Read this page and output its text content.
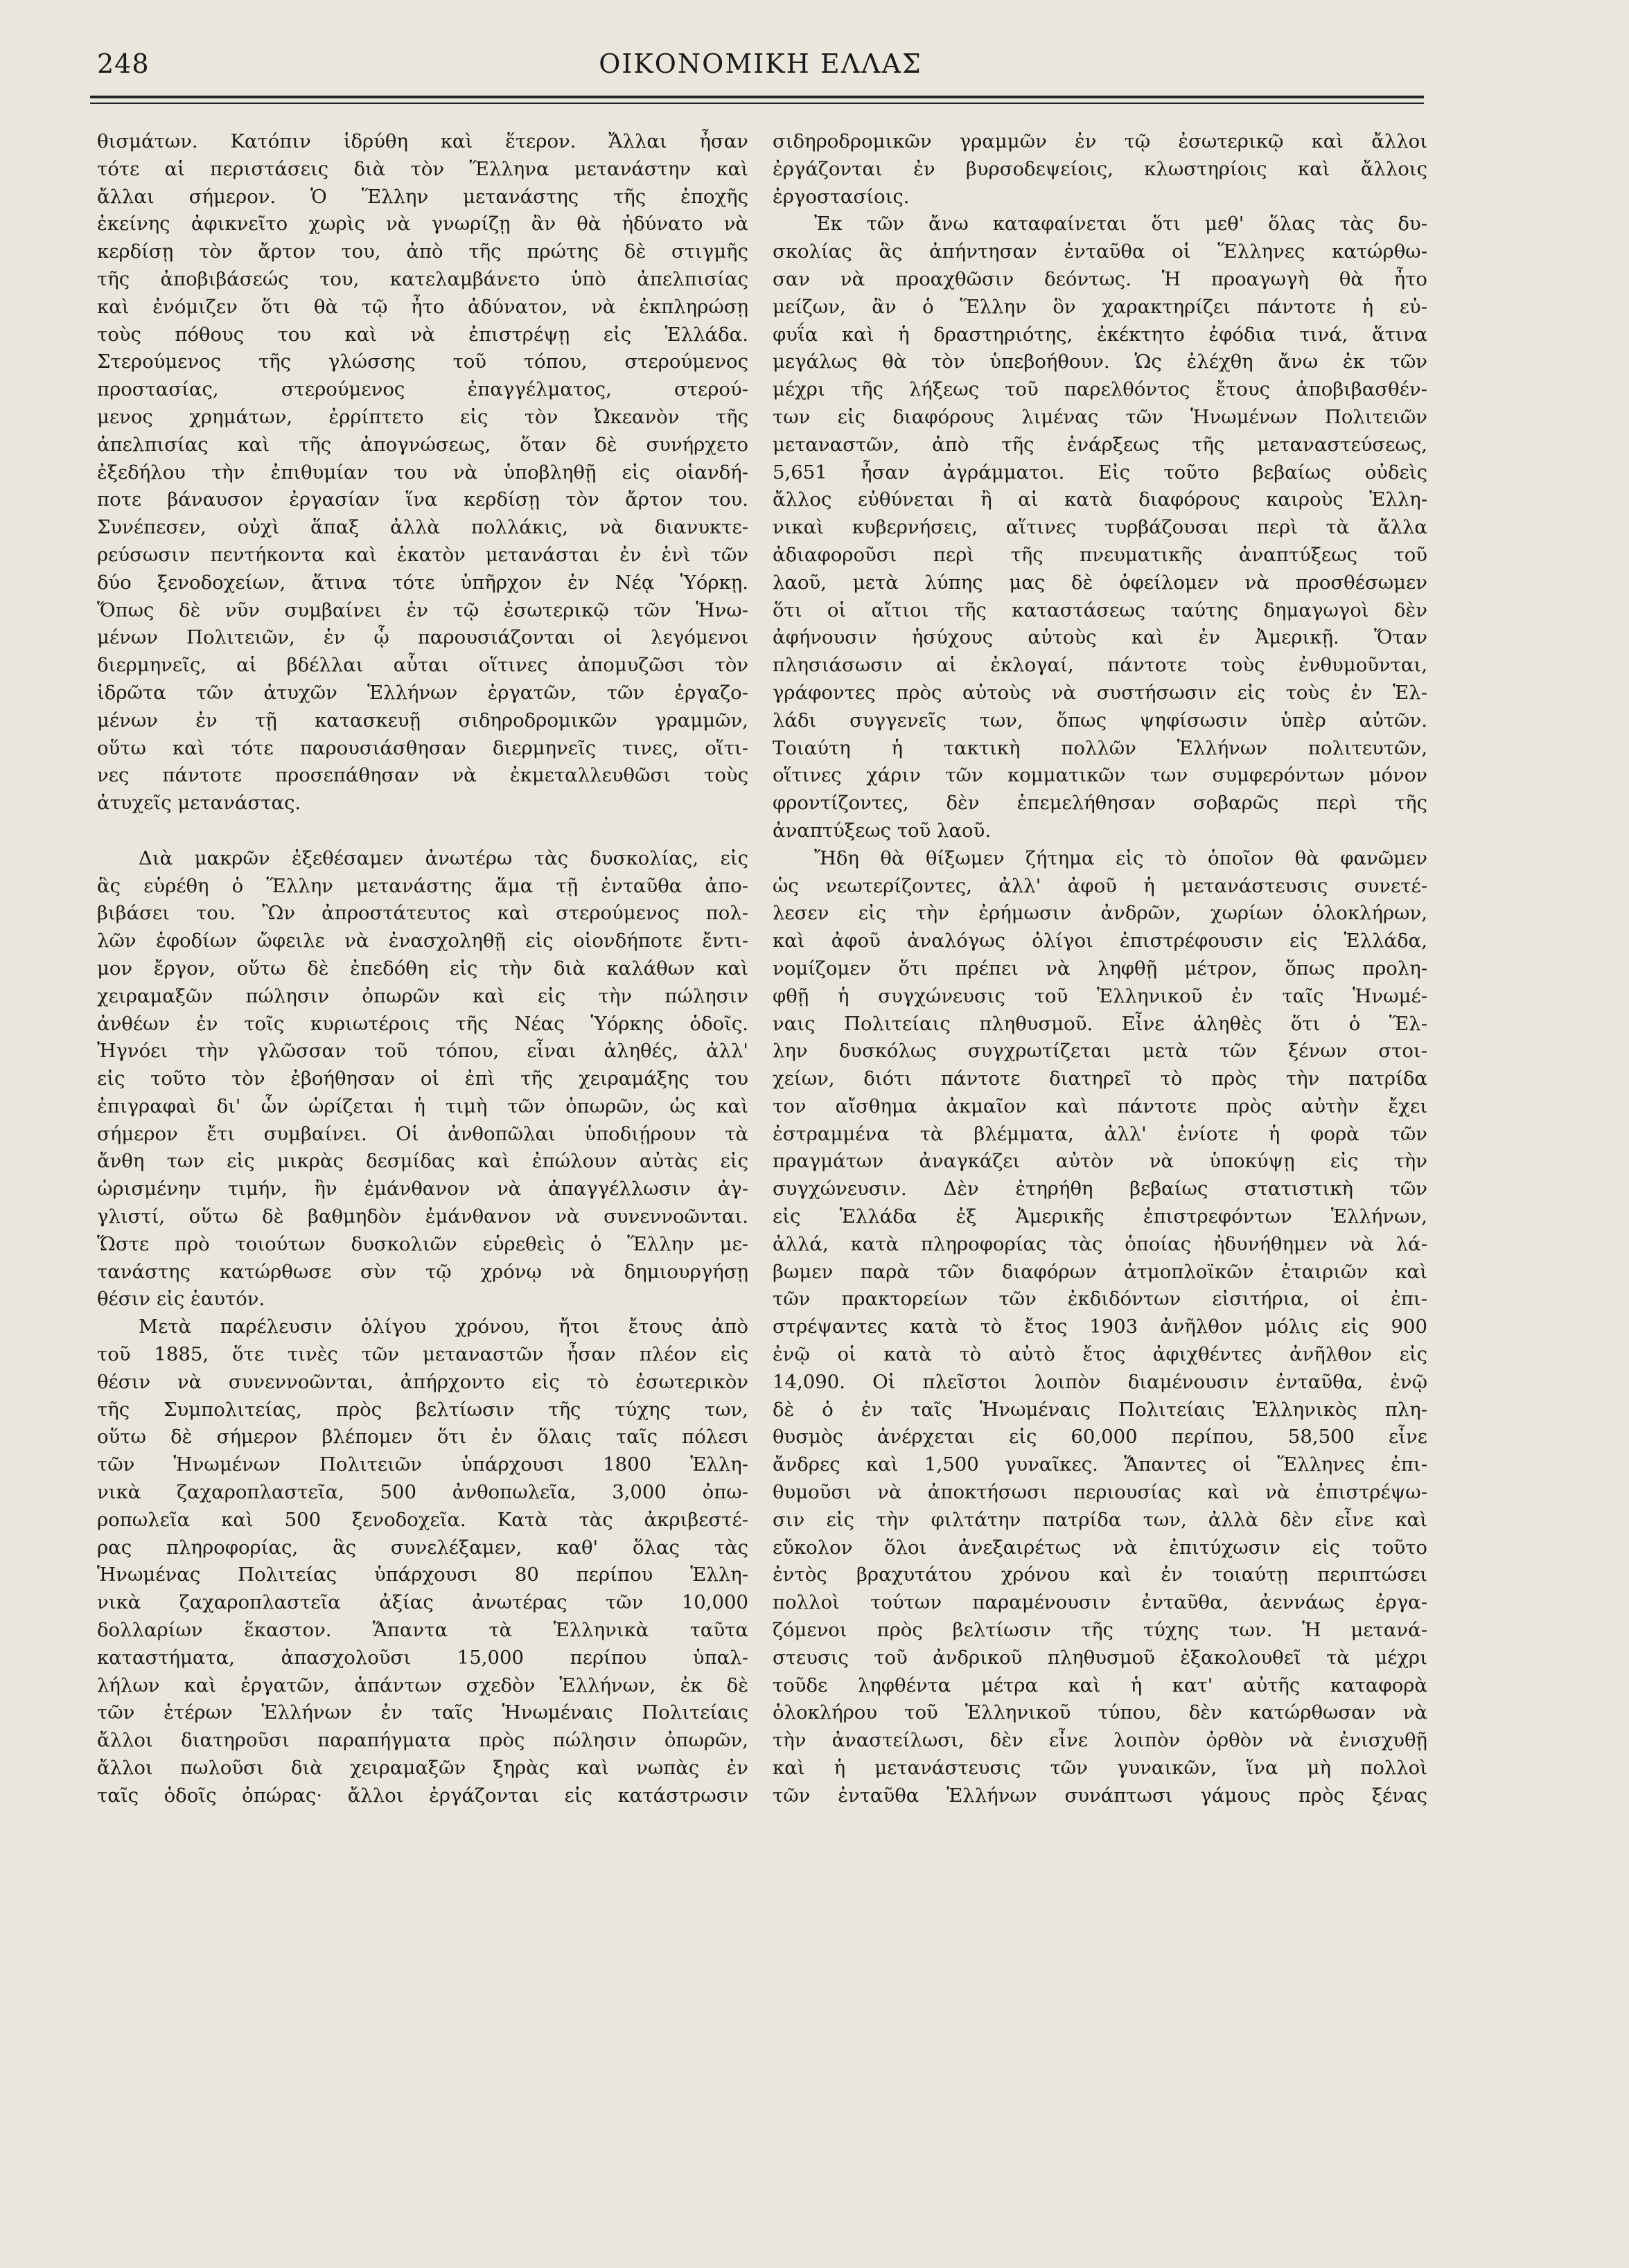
248	ΟΙΚΟΝΟΜΙΚΗ ΕΛΛΑΣ
θισμάτων. Κατόπιν ἱδρύθη καὶ ἕτερον. Ἄλλαι ἦσαν
τότε αἱ περιστάσεις διὰ τὸν Ἕλληνα μετανάστην καὶ
ἄλλαι σήμερον. Ὁ Ἕλλην μετανάστης τῆς ἐποχῆς
ἐκείνης ἀφικνεῖτο χωρὶς νὰ γνωρίζῃ ἂν θὰ ἠδύνατο νὰ
κερδίσῃ τὸν ἄρτον του, ἀπὸ τῆς πρώτης δὲ στιγμῆς
τῆς ἀποβιβάσεώς του, κατελαμβάνετο ὑπὸ ἀπελπισίας
καὶ ἐνόμιζεν ὅτι θὰ τῷ ἦτο ἀδύνατον, νὰ ἐκπληρώσῃ
τοὺς πόθους του καὶ νὰ ἐπιστρέψῃ εἰς Ἑλλάδα.
Στερούμενος τῆς γλώσσης τοῦ τόπου, στερούμενος
προστασίας, στερούμενος ἐπαγγέλματος, στερού-
μενος χρημάτων, ἐρρίπτετο εἰς τὸν Ὠκεανὸν τῆς
ἀπελπισίας καὶ τῆς ἀπογνώσεως, ὅταν δὲ συνήρχετο
ἐξεδήλου τὴν ἐπιθυμίαν του νὰ ὑποβληθῇ εἰς οἱανδή-
ποτε βάναυσον ἐργασίαν ἵνα κερδίσῃ τὸν ἄρτον του.
Συνέπεσεν, οὐχὶ ἅπαξ ἀλλὰ πολλάκις, νὰ διανυκτε-
ρεύσωσιν πεντήκοντα καὶ ἑκατὸν μετανάσται ἐν ἑνὶ τῶν
δύο ξενοδοχείων, ἅτινα τότε ὑπῆρχον ἐν Νέᾳ Ὑόρκῃ.
Ὅπως δὲ νῦν συμβαίνει ἐν τῷ ἐσωτερικῷ τῶν Ἡνω-
μένων Πολιτειῶν, ἐν ᾧ παρουσιάζονται οἱ λεγόμενοι
διερμηνεῖς, αἱ βδέλλαι αὗται οἵτινες ἀπομυζῶσι τὸν
ἱδρῶτα τῶν ἀτυχῶν Ἑλλήνων ἐργατῶν, τῶν ἐργαζο-
μένων ἐν τῇ κατασκευῇ σιδηροδρομικῶν γραμμῶν,
οὕτω καὶ τότε παρουσιάσθησαν διερμηνεῖς τινες, οἵτι-
νες πάντοτε προσεπάθησαν νὰ ἐκμεταλλευθῶσι τοὺς
ἀτυχεῖς μετανάστας.
Διὰ μακρῶν ἐξεθέσαμεν ἀνωτέρω τὰς δυσκολίας, εἰς
ἃς εὑρέθη ὁ Ἕλλην μετανάστης ἅμα τῇ ἐνταῦθα ἀπο-
βιβάσει του. Ὢν ἀπροστάτευτος καὶ στερούμενος πολ-
λῶν ἐφοδίων ὤφειλε νὰ ἐνασχοληθῇ εἰς οἱονδήποτε ἔντι-
μον ἔργον, οὕτω δὲ ἐπεδόθη εἰς τὴν διὰ καλάθων καὶ
χειραμαξῶν πώλησιν ὀπωρῶν καὶ εἰς τὴν πώλησιν
ἀνθέων ἐν τοῖς κυριωτέροις τῆς Νέας Ὑόρκης ὁδοῖς.
Ἠγνόει τὴν γλῶσσαν τοῦ τόπου, εἶναι ἀληθές, ἀλλ'
εἰς τοῦτο τὸν ἐβοήθησαν οἱ ἐπὶ τῆς χειραμάξης του
ἐπιγραφαὶ δι' ὧν ὡρίζεται ἡ τιμὴ τῶν ὀπωρῶν, ὡς καὶ
σήμερον ἔτι συμβαίνει. Οἱ ἀνθοπῶλαι ὑποδιῄρουν τὰ
ἄνθη των εἰς μικρὰς δεσμίδας καὶ ἐπώλουν αὐτὰς εἰς
ὡρισμένην τιμήν, ἣν ἐμάνθανον νὰ ἀπαγγέλλωσιν ἀγ-
γλιστί, οὕτω δὲ βαθμηδὸν ἐμάνθανον νὰ συνεννοῶνται.
Ὥστε πρὸ τοιούτων δυσκολιῶν εὑρεθεὶς ὁ Ἕλλην με-
τανάστης κατώρθωσε σὺν τῷ χρόνῳ νὰ δημιουργήσῃ
θέσιν εἰς ἑαυτόν.
Μετὰ παρέλευσιν ὀλίγου χρόνου, ἤτοι ἔτους ἀπὸ
τοῦ 1885, ὅτε τινὲς τῶν μεταναστῶν ἦσαν πλέον εἰς
θέσιν νὰ συνεννοῶνται, ἀπήρχοντο εἰς τὸ ἐσωτερικὸν
τῆς Συμπολιτείας, πρὸς βελτίωσιν τῆς τύχης των,
οὕτω δὲ σήμερον βλέπομεν ὅτι ἐν ὅλαις ταῖς πόλεσι
τῶν Ἡνωμένων Πολιτειῶν ὑπάρχουσι 1800 Ἑλλη-
νικὰ ζαχαροπλαστεῖα, 500 ἀνθοπωλεῖα, 3,000 ὀπω-
ροπωλεῖα καὶ 500 ξενοδοχεῖα. Κατὰ τὰς ἀκριβεστέ-
ρας πληροφορίας, ἃς συνελέξαμεν, καθ' ὅλας τὰς
Ἡνωμένας Πολιτείας ὑπάρχουσι 80 περίπου Ἑλλη-
νικὰ ζαχαροπλαστεῖα ἀξίας ἀνωτέρας τῶν 10,000
δολλαρίων ἕκαστον. Ἅπαντα τὰ Ἑλληνικὰ ταῦτα
καταστήματα, ἀπασχολοῦσι 15,000 περίπου ὑπαλ-
λήλων καὶ ἐργατῶν, ἁπάντων σχεδὸν Ἑλλήνων, ἐκ δὲ
τῶν ἑτέρων Ἑλλήνων ἐν ταῖς Ἡνωμέναις Πολιτείαις
ἄλλοι διατηροῦσι παραπήγματα πρὸς πώλησιν ὀπωρῶν,
ἄλλοι πωλοῦσι διὰ χειραμαξῶν ξηρὰς καὶ νωπὰς ἐν
ταῖς ὁδοῖς ὀπώρας· ἄλλοι ἐργάζονται εἰς κατάστρωσιν
σιδηροδρομικῶν γραμμῶν ἐν τῷ ἐσωτερικῷ καὶ ἄλλοι
ἐργάζονται ἐν βυρσοδεψείοις, κλωστηρίοις καὶ ἄλλοις
ἐργοστασίοις.
Ἐκ τῶν ἄνω καταφαίνεται ὅτι μεθ' ὅλας τὰς δυ-
σκολίας ἃς ἀπήντησαν ἐνταῦθα οἱ Ἕλληνες κατώρθω-
σαν νὰ προαχθῶσιν δεόντως. Ἡ προαγωγὴ θὰ ἦτο
μείζων, ἂν ὁ Ἕλλην ὃν χαρακτηρίζει πάντοτε ἡ εὐ-
φυΐα καὶ ἡ δραστηριότης, ἐκέκτητο ἐφόδια τινά, ἅτινα
μεγάλως θὰ τὸν ὑπεβοήθουν. Ὡς ἐλέχθη ἄνω ἐκ τῶν
μέχρι τῆς λήξεως τοῦ παρελθόντος ἔτους ἀποβιβασθέν-
των εἰς διαφόρους λιμένας τῶν Ἡνωμένων Πολιτειῶν
μεταναστῶν, ἀπὸ τῆς ἐνάρξεως τῆς μεταναστεύσεως,
5,651 ἦσαν ἀγράμματοι. Εἰς τοῦτο βεβαίως οὐδεὶς
ἄλλος εὐθύνεται ἢ αἱ κατὰ διαφόρους καιροὺς Ἑλλη-
νικαὶ κυβερνήσεις, αἵτινες τυρβάζουσαι περὶ τὰ ἄλλα
ἀδιαφοροῦσι περὶ τῆς πνευματικῆς ἀναπτύξεως τοῦ
λαοῦ, μετὰ λύπης μας δὲ ὀφείλομεν νὰ προσθέσωμεν
ὅτι οἱ αἴτιοι τῆς καταστάσεως ταύτης δημαγωγοὶ δὲν
ἀφήνουσιν ἡσύχους αὐτοὺς καὶ ἐν Ἀμερικῇ. Ὅταν
πλησιάσωσιν αἱ ἐκλογαί, πάντοτε τοὺς ἐνθυμοῦνται,
γράφοντες πρὸς αὐτοὺς νὰ συστήσωσιν εἰς τοὺς ἐν Ἑλ-
λάδι συγγενεῖς των, ὅπως ψηφίσωσιν ὑπὲρ αὐτῶν.
Τοιαύτη ἡ τακτικὴ πολλῶν Ἑλλήνων πολιτευτῶν,
οἵτινες χάριν τῶν κομματικῶν των συμφερόντων μόνον
φροντίζοντες, δὲν ἐπεμελήθησαν σοβαρῶς περὶ τῆς
ἀναπτύξεως τοῦ λαοῦ.
Ἤδη θὰ θίξωμεν ζήτημα εἰς τὸ ὁποῖον θὰ φανῶμεν
ὡς νεωτερίζοντες, ἀλλ' ἀφοῦ ἡ μετανάστευσις συνετέ-
λεσεν εἰς τὴν ἐρήμωσιν ἀνδρῶν, χωρίων ὁλοκλήρων,
καὶ ἀφοῦ ἀναλόγως ὀλίγοι ἐπιστρέφουσιν εἰς Ἑλλάδα,
νομίζομεν ὅτι πρέπει νὰ ληφθῇ μέτρον, ὅπως προλη-
φθῇ ἡ συγχώνευσις τοῦ Ἑλληνικοῦ ἐν ταῖς Ἡνωμέ-
ναις Πολιτείαις πληθυσμοῦ. Εἶνε ἀληθὲς ὅτι ὁ Ἕλ-
λην δυσκόλως συγχρωτίζεται μετὰ τῶν ξένων στοι-
χείων, διότι πάντοτε διατηρεῖ τὸ πρὸς τὴν πατρίδα
τον αἴσθημα ἀκμαῖον καὶ πάντοτε πρὸς αὐτὴν ἔχει
ἐστραμμένα τὰ βλέμματα, ἀλλ' ἐνίοτε ἡ φορὰ τῶν
πραγμάτων ἀναγκάζει αὐτὸν νὰ ὑποκύψῃ εἰς τὴν
συγχώνευσιν. Δὲν ἐτηρήθη βεβαίως στατιστικὴ τῶν
εἰς Ἑλλάδα ἐξ Ἀμερικῆς ἐπιστρεφόντων Ἑλλήνων,
ἀλλά, κατὰ πληροφορίας τὰς ὁποίας ἠδυνήθημεν νὰ λά-
βωμεν παρὰ τῶν διαφόρων ἀτμοπλοϊκῶν ἑταιριῶν καὶ
τῶν πρακτορείων τῶν ἐκδιδόντων εἰσιτήρια, οἱ ἐπι-
στρέψαντες κατὰ τὸ ἔτος 1903 ἀνῆλθον μόλις εἰς 900
ἐνῷ οἱ κατὰ τὸ αὐτὸ ἔτος ἀφιχθέντες ἀνῆλθον εἰς
14,090. Οἱ πλεῖστοι λοιπὸν διαμένουσιν ἐνταῦθα, ἐνῷ
δὲ ὁ ἐν ταῖς Ἡνωμέναις Πολιτείαις Ἑλληνικὸς πλη-
θυσμὸς ἀνέρχεται εἰς 60,000 περίπου, 58,500 εἶνε
ἄνδρες καὶ 1,500 γυναῖκες. Ἅπαντες οἱ Ἕλληνες ἐπι-
θυμοῦσι νὰ ἀποκτήσωσι περιουσίας καὶ νὰ ἐπιστρέψω-
σιν εἰς τὴν φιλτάτην πατρίδα των, ἀλλὰ δὲν εἶνε καὶ
εὔκολον ὅλοι ἀνεξαιρέτως νὰ ἐπιτύχωσιν εἰς τοῦτο
ἐντὸς βραχυτάτου χρόνου καὶ ἐν τοιαύτῃ περιπτώσει
πολλοὶ τούτων παραμένουσιν ἐνταῦθα, ἀεννάως ἐργα-
ζόμενοι πρὸς βελτίωσιν τῆς τύχης των. Ἡ μετανά-
στευσις τοῦ ἀνδρικοῦ πληθυσμοῦ ἐξακολουθεῖ τὰ μέχρι
τοῦδε ληφθέντα μέτρα καὶ ἡ κατ' αὐτῆς καταφορὰ
ὁλοκλήρου τοῦ Ἑλληνικοῦ τύπου, δὲν κατώρθωσαν νὰ
τὴν ἀναστείλωσι, δὲν εἶνε λοιπὸν ὀρθὸν νὰ ἐνισχυθῇ
καὶ ἡ μετανάστευσις τῶν γυναικῶν, ἵνα μὴ πολλοὶ
τῶν ἐνταῦθα Ἑλλήνων συνάπτωσι γάμους πρὸς ξένας
